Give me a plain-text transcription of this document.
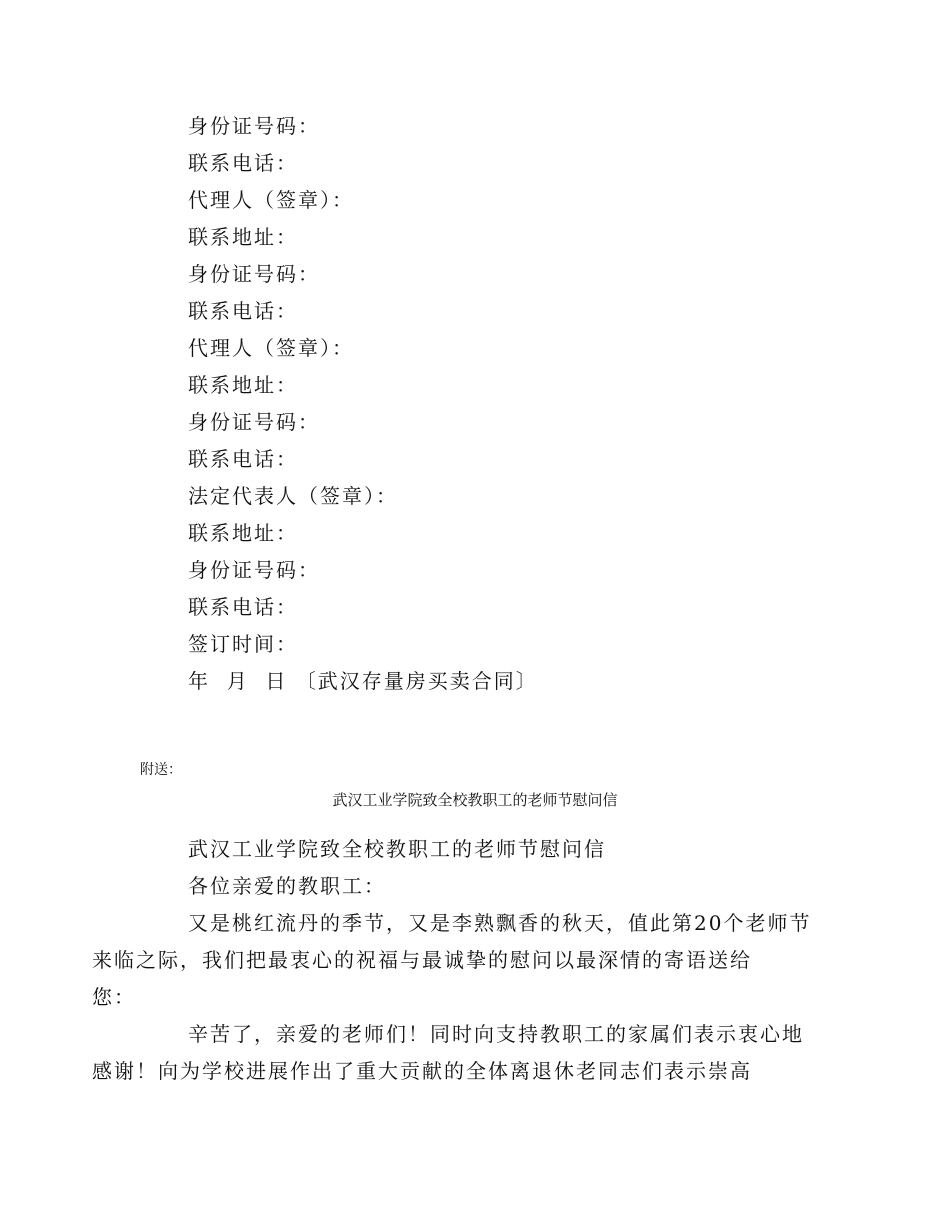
身份证号码：
联系电话：
代理人（签章）：
联系地址：
身份证号码：
联系电话：
代理人（签章）：
联系地址：
身份证号码：
联系电话：
法定代表人（签章）：
联系地址：
身份证号码：
联系电话：
签订时间：
年  月  日 〔武汉存量房买卖合同〕
附送：
武汉工业学院致全校教职工的老师节慰问信

武汉工业学院致全校教职工的老师节慰问信

各位亲爱的教职工：

又是桃红流丹的季节，又是李熟飘香的秋天，值此第20个老师节
来临之际，我们把最衷心的祝福与最诚挚的慰问以最深情的寄语送给
您：

辛苦了，亲爱的老师们！同时向支持教职工的家属们表示衷心地
感谢！向为学校进展作出了重大贡献的全体离退休老同志们表示崇高
